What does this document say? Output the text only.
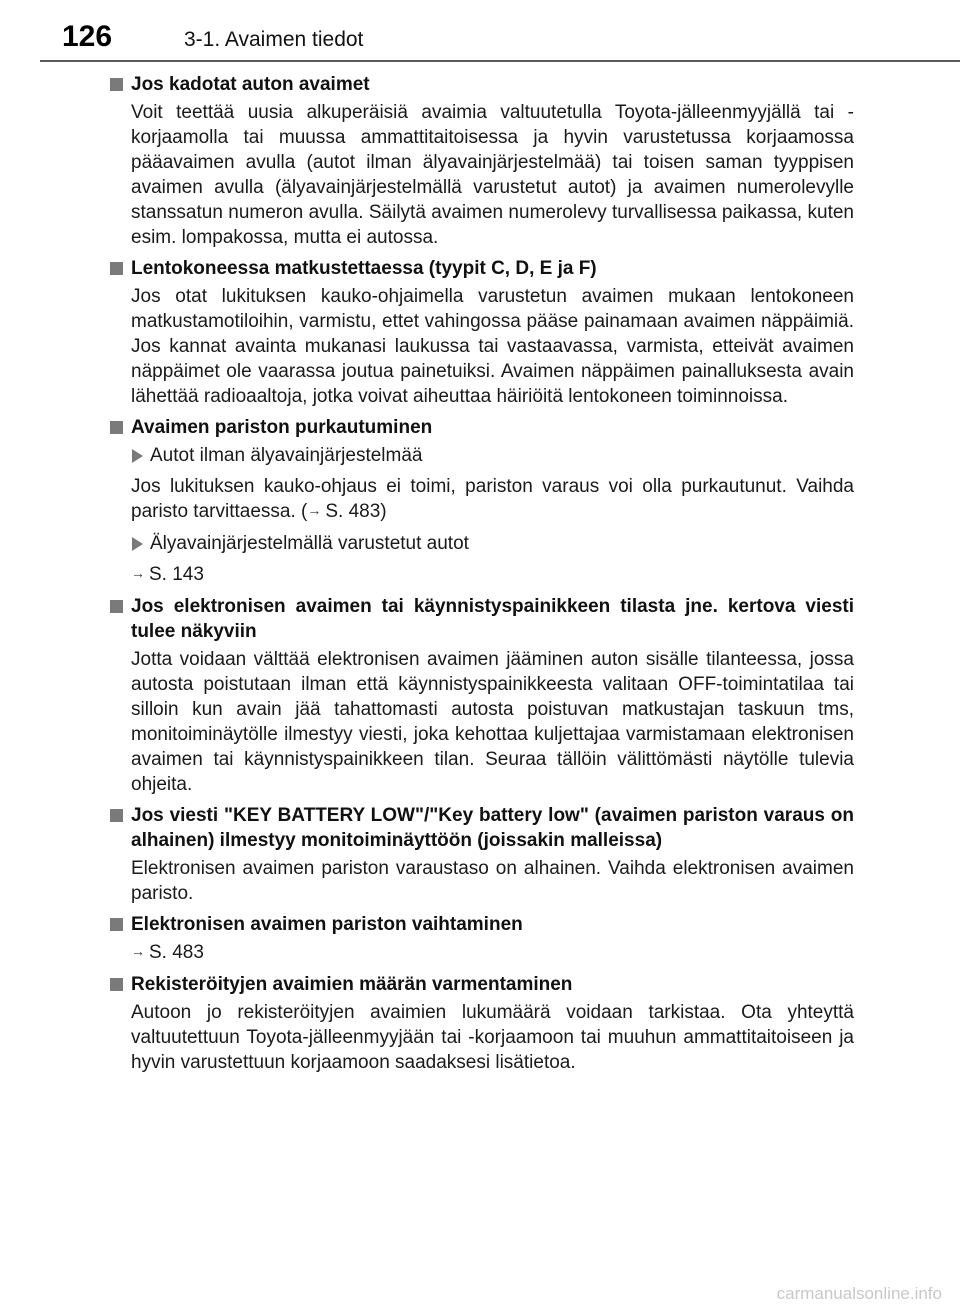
126	3-1. Avaimen tiedot
Jos kadotat auton avaimet
Voit teettää uusia alkuperäisiä avaimia valtuutetulla Toyota-jälleenmyyjällä tai -korjaamolla tai muussa ammattitaitoisessa ja hyvin varustetussa korjaamossa pääavaimen avulla (autot ilman älyavainjärjestelmää) tai toisen saman tyyppisen avaimen avulla (älyavainjärjestelmällä varustetut autot) ja avaimen numerolevylle stanssatun numeron avulla. Säilytä avaimen numerolevy turvallisessa paikassa, kuten esim. lompakossa, mutta ei autossa.
Lentokoneessa matkustettaessa (tyypit C, D, E ja F)
Jos otat lukituksen kauko-ohjaimella varustetun avaimen mukaan lentokoneen matkustamotiloihin, varmistu, ettet vahingossa pääse painamaan avaimen näppäimiä. Jos kannat avainta mukanasi laukussa tai vastaavassa, varmista, etteivät avaimen näppäimet ole vaarassa joutua painetuiksi. Avaimen näppäimen painalluksesta avain lähettää radioaaltoja, jotka voivat aiheuttaa häiriöitä lentokoneen toiminnoissa.
Avaimen pariston purkautuminen
Autot ilman älyavainjärjestelmää
Jos lukituksen kauko-ohjaus ei toimi, pariston varaus voi olla purkautunut. Vaihda paristo tarvittaessa. (→ S. 483)
Älyavainjärjestelmällä varustetut autot
→ S. 143
Jos elektronisen avaimen tai käynnistyspainikkeen tilasta jne. kertova viesti tulee näkyviin
Jotta voidaan välttää elektronisen avaimen jääminen auton sisälle tilanteessa, jossa autosta poistutaan ilman että käynnistyspainikkeesta valitaan OFF-toimintatilaa tai silloin kun avain jää tahattomasti autosta poistuvan matkustajan taskuun tms, monitoiminäytölle ilmestyy viesti, joka kehottaa kuljettajaa varmistamaan elektronisen avaimen tai käynnistyspainikkeen tilan. Seuraa tällöin välittömästi näytölle tulevia ohjeita.
Jos viesti "KEY BATTERY LOW"/"Key battery low" (avaimen pariston varaus on alhainen) ilmestyy monitoiminäyttöön (joissakin malleissa)
Elektronisen avaimen pariston varaustaso on alhainen. Vaihda elektronisen avaimen paristo.
Elektronisen avaimen pariston vaihtaminen
→ S. 483
Rekisteröityjen avaimien määrän varmentaminen
Autoon jo rekisteröityjen avaimien lukumäärä voidaan tarkistaa. Ota yhteyttä valtuutettuun Toyota-jälleenmyyjään tai -korjaamoon tai muuhun ammattitaitoiseen ja hyvin varustettuun korjaamoon saadaksesi lisätietoa.
carmanualsonline.info
